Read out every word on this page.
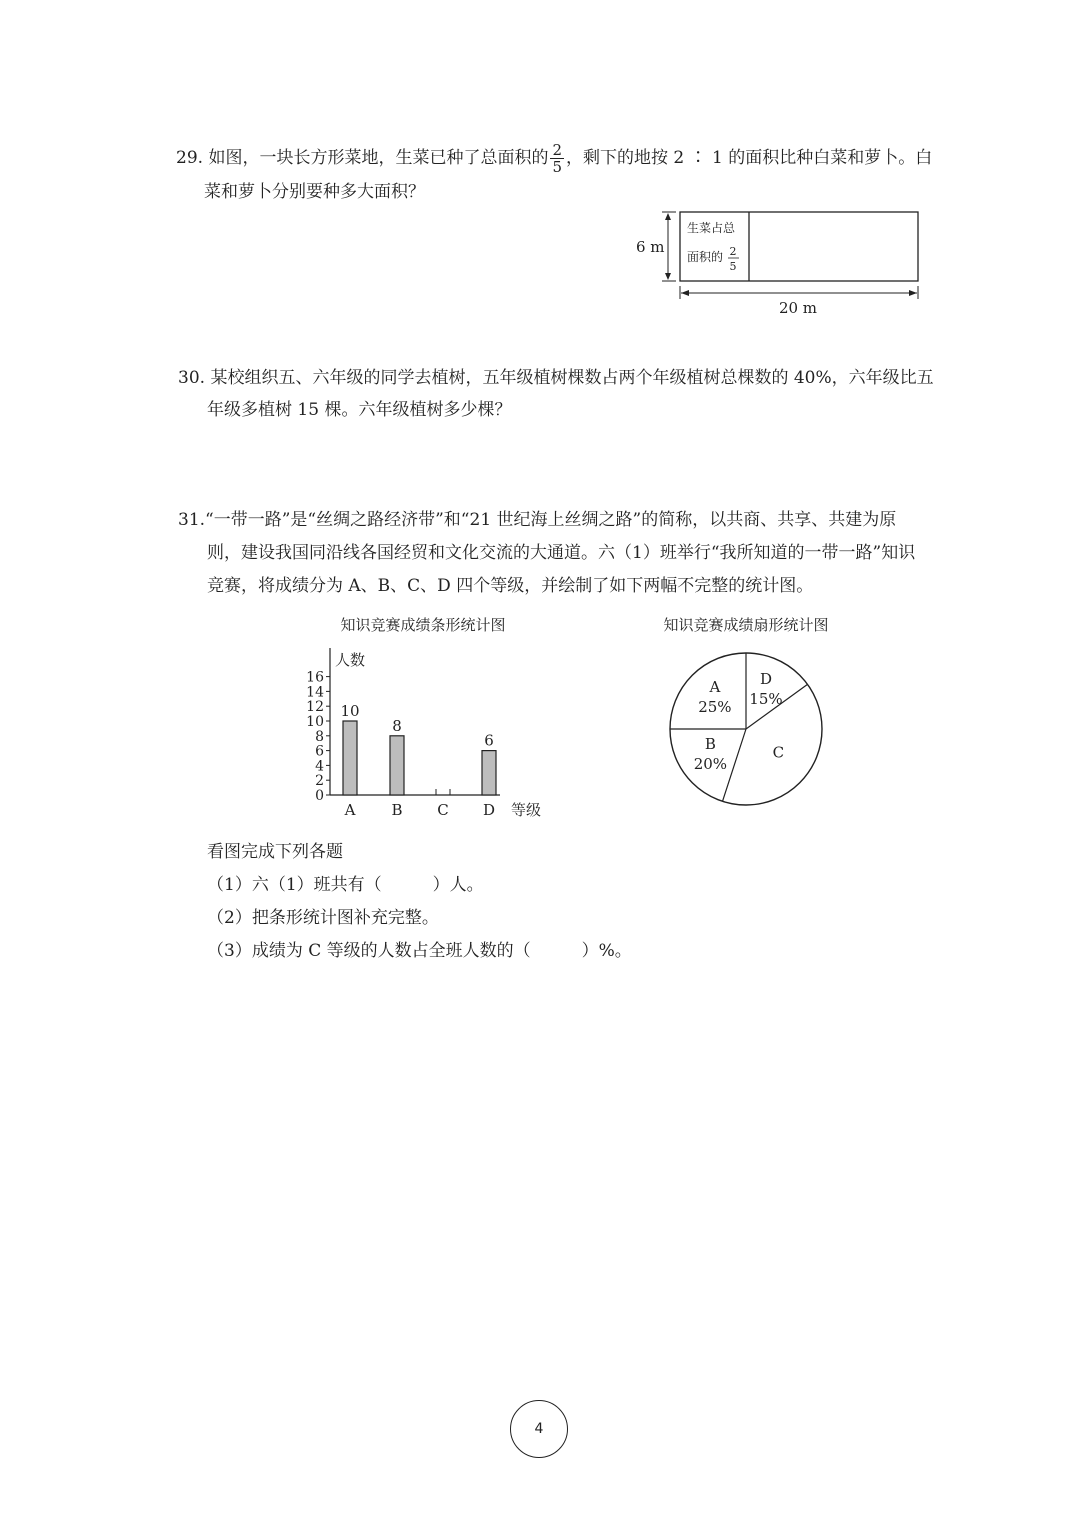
29. 如图，一块长方形菜地，生菜已种了总面积的 $\frac{2}{5}$ ，剩下的地按 2 ∶ 1 的面积比种白菜和萝卜。白
菜和萝卜分别要种多大面积？
生菜占总
面积的 2
5
6 m
20 m
30. 某校组织五、六年级的同学去植树，五年级植树棵数占两个年级植树总棵数的 40%，六年级比五
年级多植树 15 棵。六年级植树多少棵？
31.“一带一路”是“丝绸之路经济带”和“21 世纪海上丝绸之路”的简称，以共商、共享、共建为原
则，建设我国同沿线各国经贸和文化交流的大通道。六（1）班举行“我所知道的一带一路”知识
竞赛，将成绩分为 A、B、C、D 四个等级，并绘制了如下两幅不完整的统计图。
知识竞赛成绩条形统计图
人数
0
2
4
6
8
10
12
14
16
10
A
8
B C
6
D 等级
知识竞赛成绩扇形统计图
D
15%
C
B
20%
A
25%
看图完成下列各题
（1）六（1）班共有（　　　）人。
（2）把条形统计图补充完整。
（3）成绩为 C 等级的人数占全班人数的（　　　）%。
4
